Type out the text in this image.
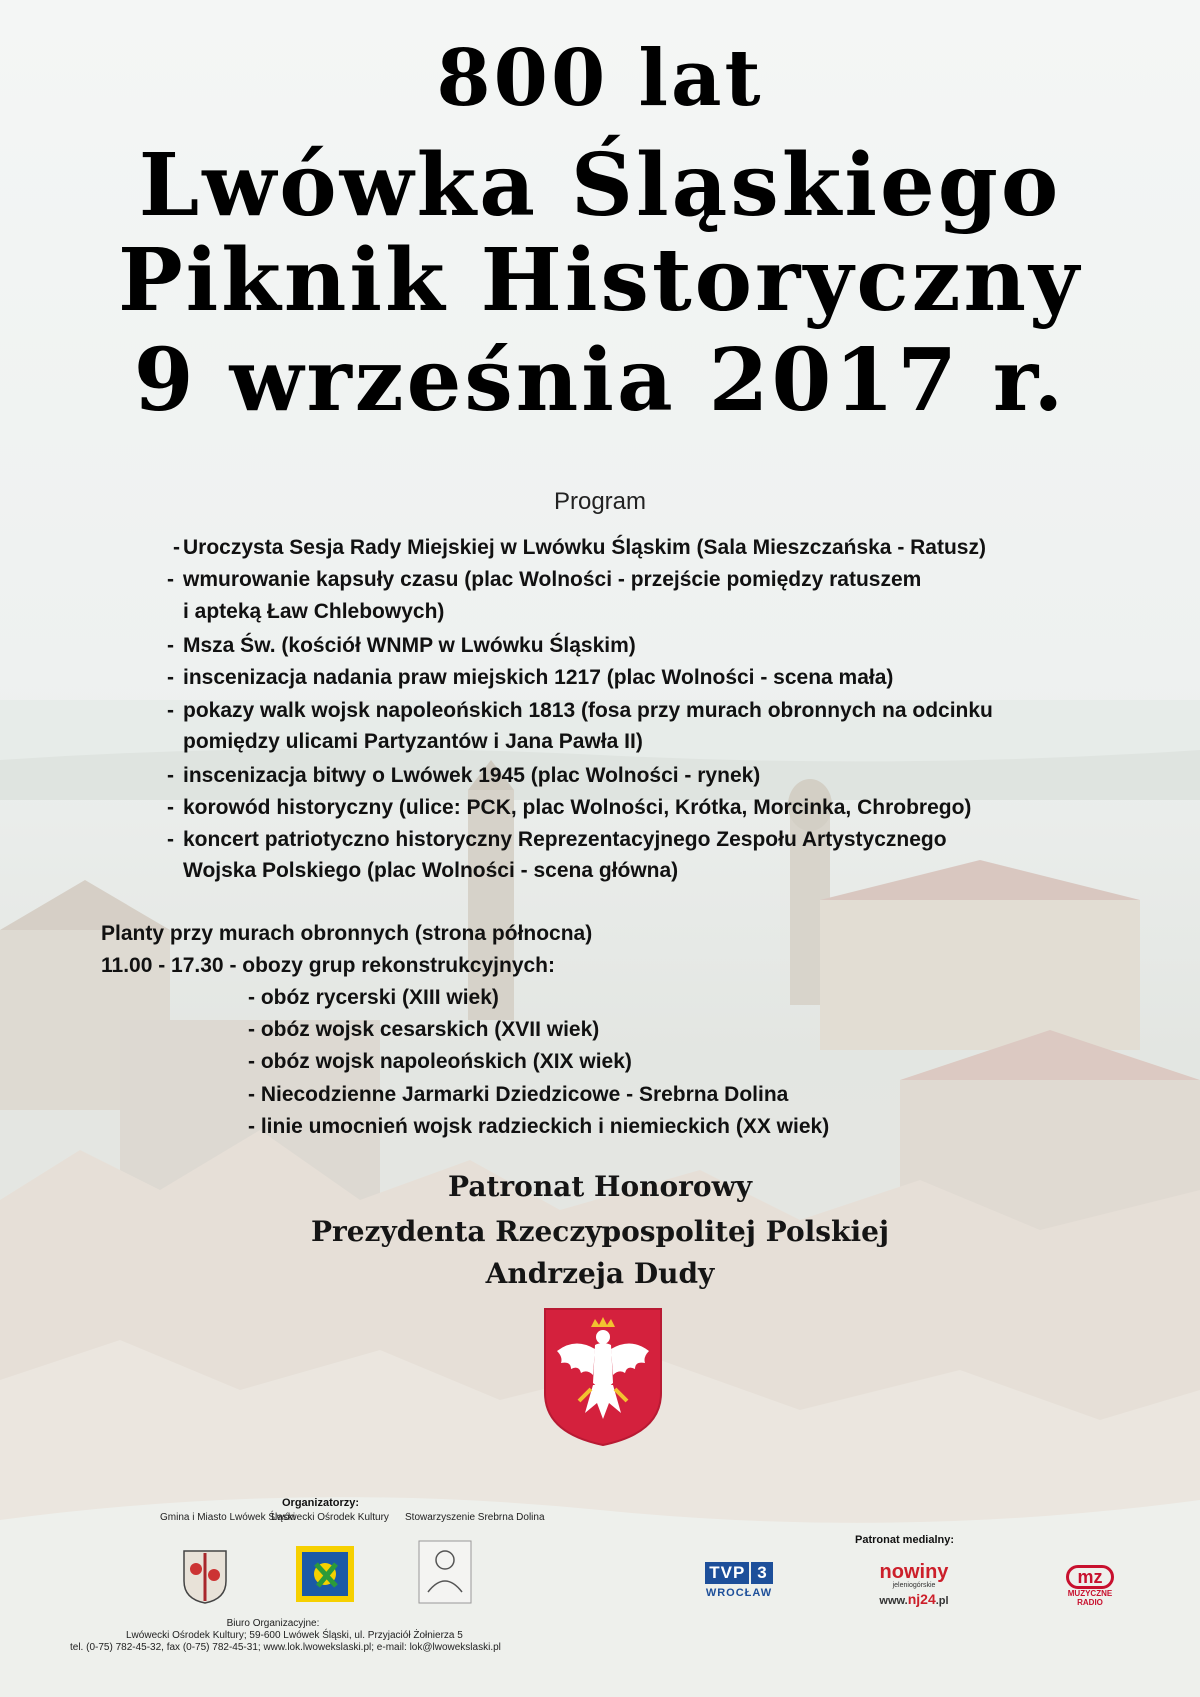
800 lat
Lwówka Śląskiego
Piknik Historyczny
9 września 2017 r.
Program
- Uroczysta Sesja Rady Miejskiej w Lwówku Śląskim (Sala Mieszczańska - Ratusz)
- wmurowanie kapsuły czasu (plac Wolności - przejście pomiędzy ratuszem
i apteką Ław Chlebowych)
- Msza Św. (kościół WNMP w Lwówku Śląskim)
- inscenizacja nadania praw miejskich 1217 (plac Wolności - scena mała)
- pokazy walk wojsk napoleońskich 1813 (fosa przy murach obronnych na odcinku
pomiędzy ulicami Partyzantów i Jana Pawła II)
- inscenizacja bitwy o Lwówek 1945 (plac Wolności - rynek)
- korowód historyczny (ulice: PCK, plac Wolności, Krótka, Morcinka, Chrobrego)
- koncert patriotyczno historyczny Reprezentacyjnego Zespołu Artystycznego
Wojska Polskiego (plac Wolności - scena główna)
Planty przy murach obronnych (strona północna)
11.00 - 17.30 - obozy grup rekonstrukcyjnych:
- obóz rycerski (XIII wiek)
- obóz wojsk cesarskich (XVII wiek)
- obóz wojsk napoleońskich (XIX wiek)
- Niecodzienne Jarmarki Dziedzicowe - Srebrna Dolina
- linie umocnień wojsk radzieckich i niemieckich (XX wiek)
Patronat Honorowy
Prezydenta Rzeczypospolitej Polskiej
Andrzeja Dudy
Gmina i Miasto Lwówek Śląski
Organizatorzy:
Lwówecki Ośrodek Kultury Stowarzyszenie Srebrna Dolina
Biuro Organizacyjne:
Lwówecki Ośrodek Kultury; 59-600 Lwówek Śląski, ul. Przyjaciół Żołnierza 5
tel. (0-75) 782-45-32, fax (0-75) 782-45-31; www.lok.lwowekslaski.pl; e-mail: lok@lwowekslaski.pl
Patronat medialny:
TVP 3
WROCŁAW
nowiny
jeleniogórskie
www.nj24.pl
mz
MUZYCZNE
RADIO
